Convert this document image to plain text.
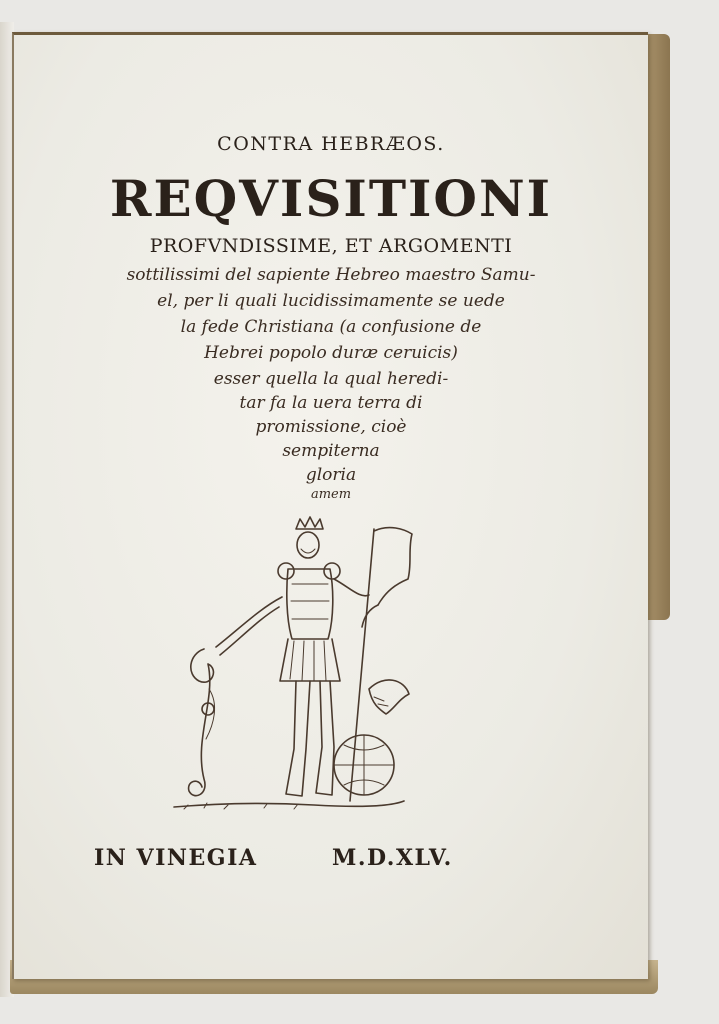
CONTRA HEBRÆOS.
REQVISITIONI
PROFVNDISSIME, ET ARGOMENTI
sottilissimi del sapiente Hebreo maestro Samu-
el, per li quali lucidissimamente se uede
la fede Christiana (a confusione de
Hebrei popolo duræ ceruicis)
esser quella la qual heredi-
tar fa la uera terra di
promissione, cioè
sempiterna
gloria
amem
IN VINEGIA	M.D.XLV.
